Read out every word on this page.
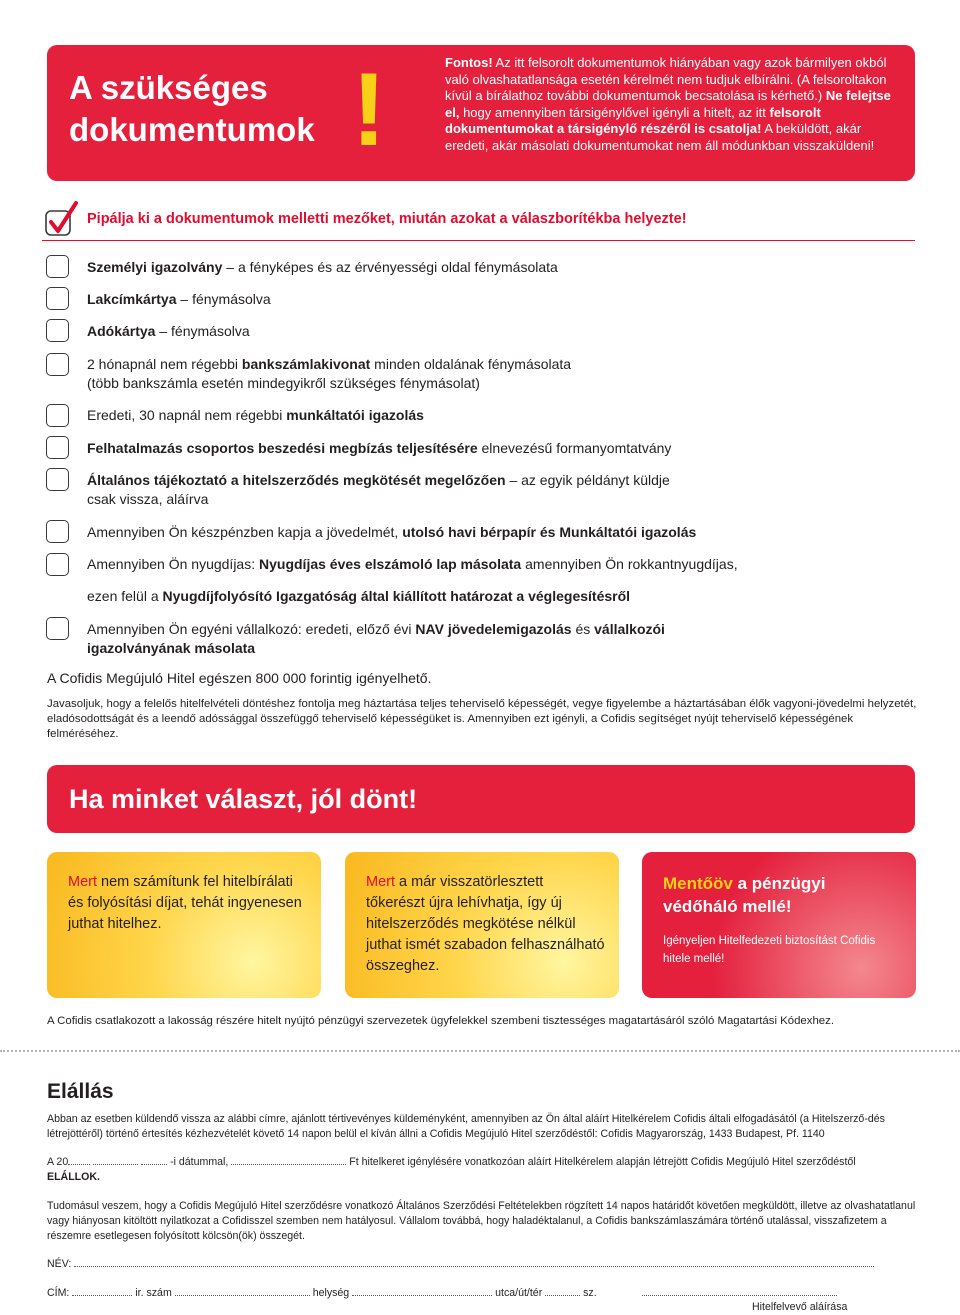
A szükséges
dokumentumok !	Fontos! Az itt felsorolt dokumentumok hiányában vagy azok bármilyen okból való olvashatatlansága esetén kérelmét nem tudjuk elbírálni. (A felsoroltakon kívül a bírálathoz további dokumentumok becsatolása is kérhető.) Ne felejtse el, hogy amennyiben társigénylővel igényli a hitelt, az itt felsorolt dokumentumokat a társigénylő részéről is csatolja! A beküldött, akár eredeti, akár másolati dokumentumokat nem áll módunkban visszaküldeni!
Pipálja ki a dokumentumok melletti mezőket, miután azokat a válaszborítékba helyezte!
Személyi igazolvány – a fényképes és az érvényességi oldal fénymásolata
Lakcímkártya – fénymásolva
Adókártya – fénymásolva
2 hónapnál nem régebbi bankszámlakivonat minden oldalának fénymásolata
(több bankszámla esetén mindegyikről szükséges fénymásolat)
Eredeti, 30 napnál nem régebbi munkáltatói igazolás
Felhatalmazás csoportos beszedési megbízás teljesítésére elnevezésű formanyomtatvány
Általános tájékoztató a hitelszerződés megkötését megelőzően – az egyik példányt küldje
csak vissza, aláírva
Amennyiben Ön készpénzben kapja a jövedelmét, utolsó havi bérpapír és Munkáltatói igazolás
Amennyiben Ön nyugdíjas: Nyugdíjas éves elszámoló lap másolata amennyiben Ön rokkantnyugdíjas,
ezen felül a Nyugdíjfolyósító Igazgatóság által kiállított határozat a véglegesítésről
Amennyiben Ön egyéni vállalkozó: eredeti, előző évi NAV jövedelemigazolás és vállalkozói
igazolványának másolata
A Cofidis Megújuló Hitel egészen 800 000 forintig igényelhető.
Javasoljuk, hogy a felelős hitelfelvételi döntéshez fontolja meg háztartása teljes teherviselő képességét, vegye figyelembe a háztartásában élők vagyoni-jövedelmi helyzetét, eladósodottságát és a leendő adóssággal összefüggő teherviselő képességüket is. Amennyiben ezt igényli, a Cofidis segítséget nyújt teherviselő képességének felméréséhez.
Ha minket választ, jól dönt!
Mert nem számítunk fel hitelbírálati és folyósítási díjat, tehát ingyenesen juthat hitelhez.
Mert a már visszatörlesztett tőkerészt újra lehívhatja, így új hitelszerződés megkötése nélkül juthat ismét szabadon felhasználható összeghez.
Mentőöv a pénzügyi védőháló mellé!
Igényeljen Hitelfedezeti biztosítást Cofidis hitele mellé!
A Cofidis csatlakozott a lakosság részére hitelt nyújtó pénzügyi szervezetek ügyfelekkel szembeni tisztességes magatartásáról szóló Magatartási Kódexhez.
Elállás
Abban az esetben küldendő vissza az alábbi címre, ajánlott tértivevényes küldeményként, amennyiben az Ön által aláírt Hitelkérelem Cofidis általi elfogadásától (a Hitelszerző-dés létrejöttéről) történő értesítés kézhezvételét követő 14 napon belül el kíván állni a Cofidis Megújuló Hitel szerződéstől: Cofidis Magyarország, 1433 Budapest, Pf. 1140
A 20	-i dátummal,	Ft hitelkeret igénylésére vonatkozóan aláírt Hitelkérelem alapján létrejött Cofidis Megújuló Hitel szerződéstől
ELÁLLOK.
Tudomásul veszem, hogy a Cofidis Megújuló Hitel szerződésre vonatkozó Általános Szerződési Feltételekben rögzített 14 napos határidőt követően megküldött, illetve az olvashatatlanul vagy hiányosan kitöltött nyilatkozat a Cofidisszel szemben nem hatályosul. Vállalom továbbá, hogy haladéktalanul, a Cofidis bankszámlaszámára történő utalással, visszafizetem a részemre esetlegesen folyósított kölcsön(ök) összegét.
NÉV:
CÍM:	ir. szám	helység	utca/út/tér	sz.
Hitelfelvevő aláírása
